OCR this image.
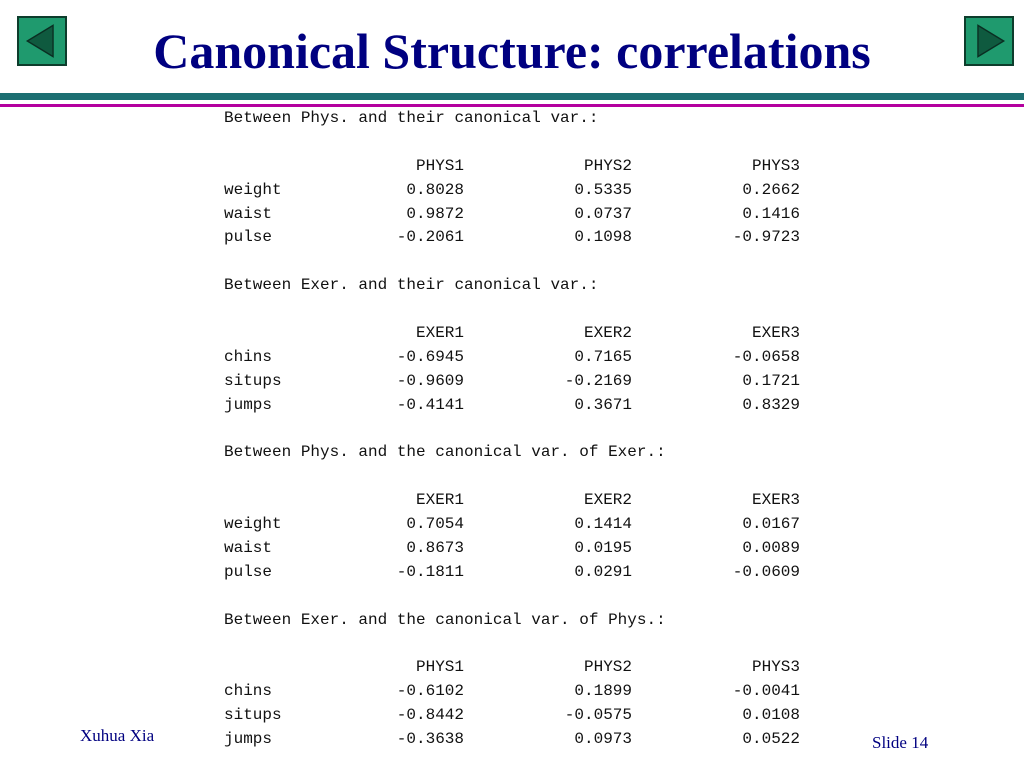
Canonical Structure: correlations
Between Phys. and their canonical var.:
PHYS1	PHYS2	PHYS3
weight	0.8028	0.5335	0.2662
waist	0.9872	0.0737	0.1416
pulse	-0.2061	0.1098	-0.9723
Between Exer. and their canonical var.:
EXER1	EXER2	EXER3
chins	-0.6945	0.7165	-0.0658
situps	-0.9609	-0.2169	0.1721
jumps	-0.4141	0.3671	0.8329
Between Phys. and the canonical var. of Exer.:
EXER1	EXER2	EXER3
weight	0.7054	0.1414	0.0167
waist	0.8673	0.0195	0.0089
pulse	-0.1811	0.0291	-0.0609
Between Exer. and the canonical var. of Phys.:
PHYS1	PHYS2	PHYS3
chins	-0.6102	0.1899	-0.0041
situps	-0.8442	-0.0575	0.0108
jumps	-0.3638	0.0973	0.0522
Xuhua Xia	Slide 14
